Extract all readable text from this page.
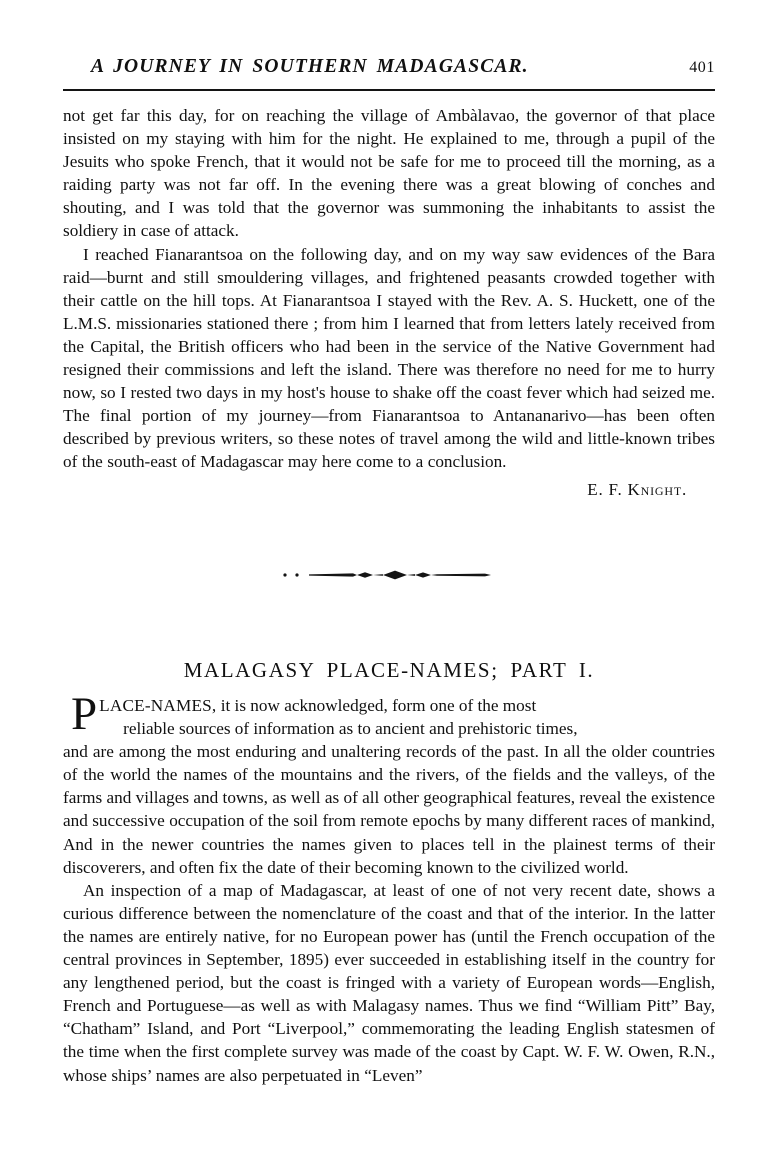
A JOURNEY IN SOUTHERN MADAGASCAR.	401

not get far this day, for on reaching the village of Ambàlavao, the governor of that place insisted on my staying with him for the night. He explained to me, through a pupil of the Jesuits who spoke French, that it would not be safe for me to proceed till the morning, as a raiding party was not far off. In the evening there was a great blowing of conches and shouting, and I was told that the governor was summoning the inhabitants to assist the soldiery in case of attack.

I reached Fianarantsoa on the following day, and on my way saw evidences of the Bara raid—burnt and still smouldering villages, and frightened peasants crowded together with their cattle on the hill tops. At Fianarantsoa I stayed with the Rev. A. S. Huckett, one of the L.M.S. missionaries stationed there ; from him I learned that from letters lately received from the Capital, the British officers who had been in the service of the Native Government had resigned their commissions and left the island. There was therefore no need for me to hurry now, so I rested two days in my host's house to shake off the coast fever which had seized me. The final portion of my journey—from Fianarantsoa to Antananarivo—has been often described by previous writers, so these notes of travel among the wild and little-known tribes of the south-east of Madagascar may here come to a conclusion.

E. F. Knight.

MALAGASY PLACE-NAMES; PART I.

PLACE-NAMES, it is now acknowledged, form one of the most
reliable sources of information as to ancient and prehistoric times,
and are among the most enduring and unaltering records of the past. In all the older countries of the world the names of the mountains and the rivers, of the fields and the valleys, of the farms and villages and towns, as well as of all other geographical features, reveal the existence and successive occupation of the soil from remote epochs by many different races of mankind, And in the newer countries the names given to places tell in the plainest terms of their discoverers, and often fix the date of their becoming known to the civilized world.

An inspection of a map of Madagascar, at least of one of not very recent date, shows a curious difference between the nomenclature of the coast and that of the interior. In the latter the names are entirely native, for no European power has (until the French occupation of the central provinces in September, 1895) ever succeeded in establishing itself in the country for any lengthened period, but the coast is fringed with a variety of European words—English, French and Portuguese—as well as with Malagasy names. Thus we find “William Pitt” Bay, “Chatham” Island, and Port “Liverpool,” commemorating the leading English statesmen of the time when the first complete survey was made of the coast by Capt. W. F. W. Owen, R.N., whose ships’ names are also perpetuated in “Leven”
